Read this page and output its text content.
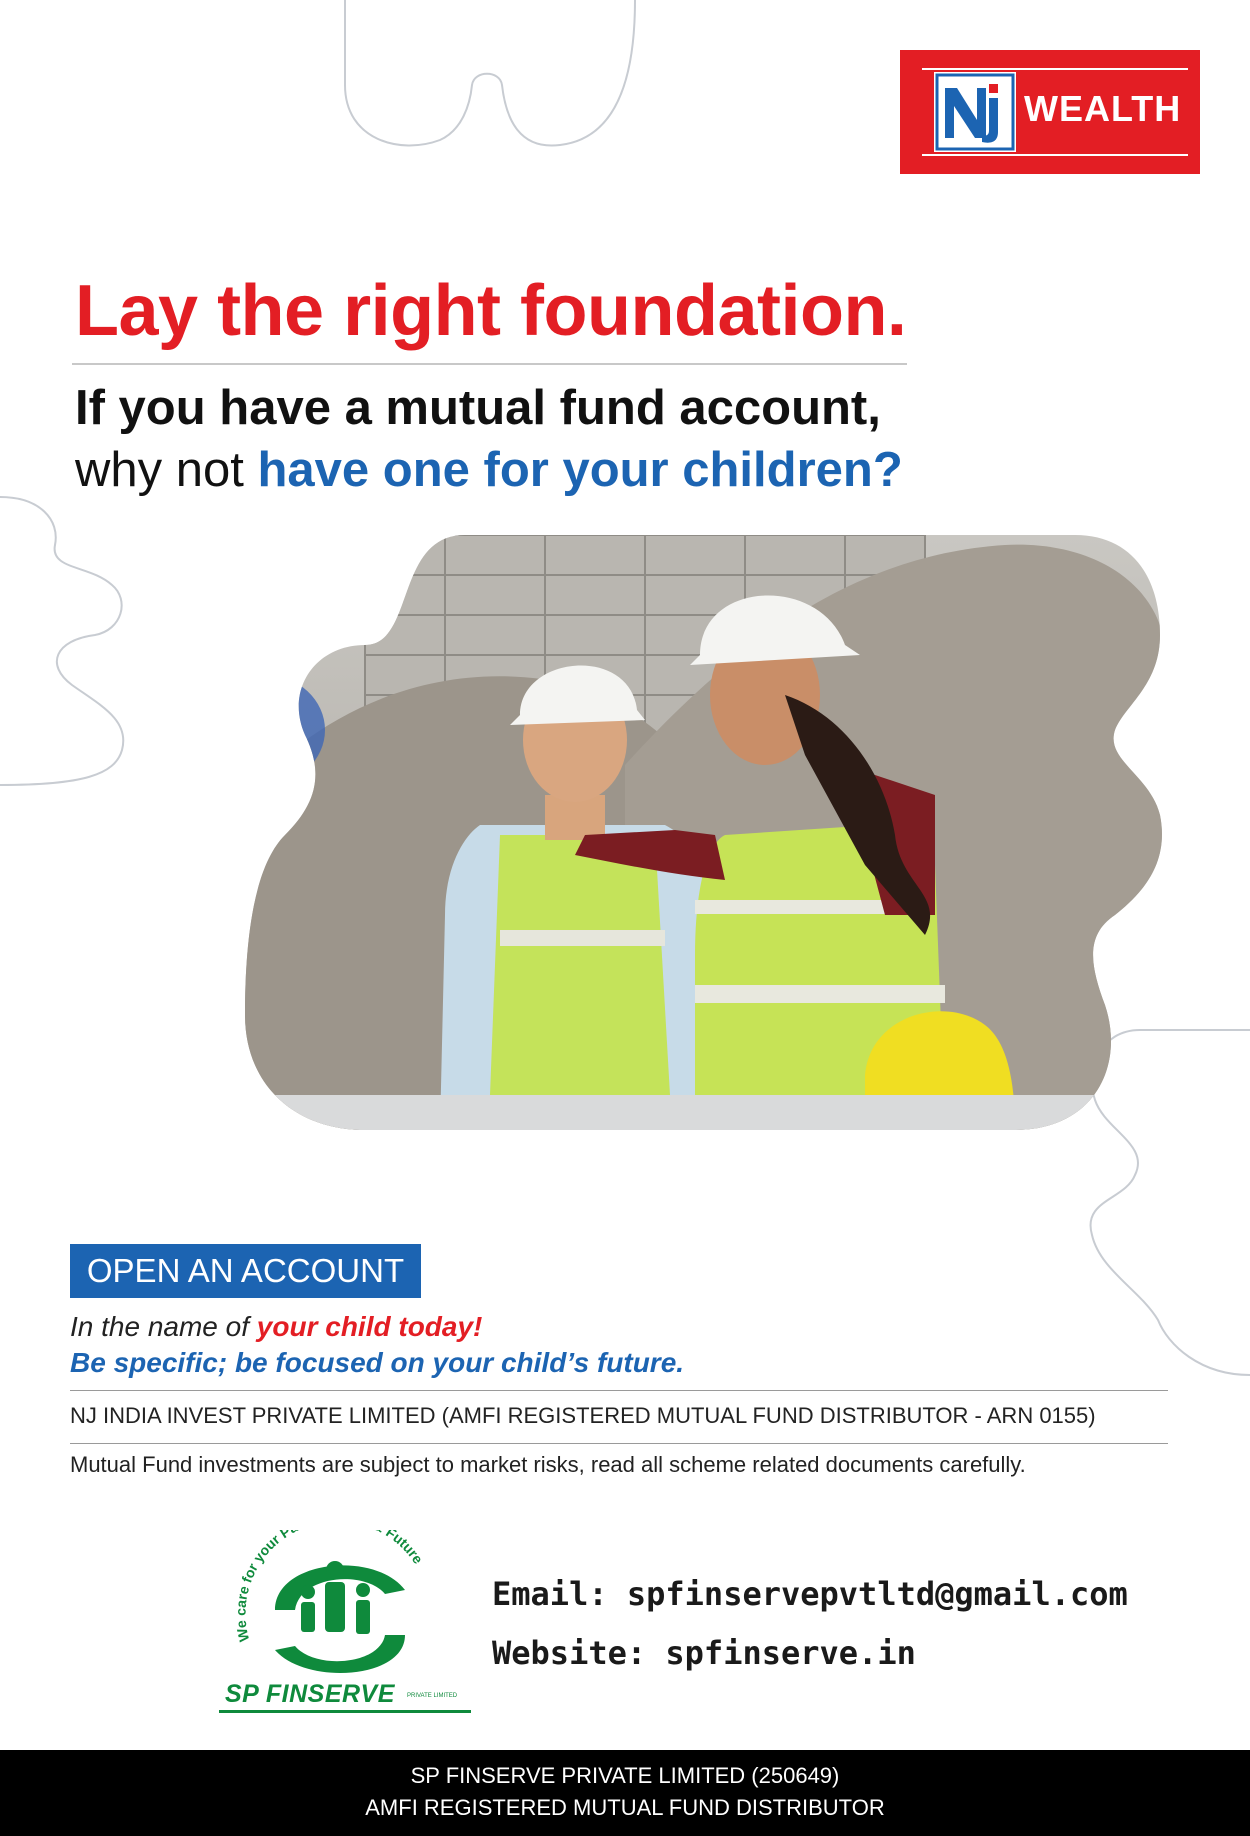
WEALTH
Lay the right foundation.
If you have a mutual fund account,
why not have one for your children?
OPEN AN ACCOUNT
In the name of your child today!
Be specific; be focused on your child’s future.
NJ INDIA INVEST PRIVATE LIMITED (AMFI REGISTERED MUTUAL FUND DISTRIBUTOR - ARN 0155)
Mutual Fund investments are subject to market risks, read all scheme related documents carefully.
We care for your P Future
SP FINSERVE PRIVATE LIMITED
Email: spfinservepvtltd@gmail.com
Website: spfinserve.in
SP FINSERVE PRIVATE LIMITED (250649)
AMFI REGISTERED MUTUAL FUND DISTRIBUTOR
